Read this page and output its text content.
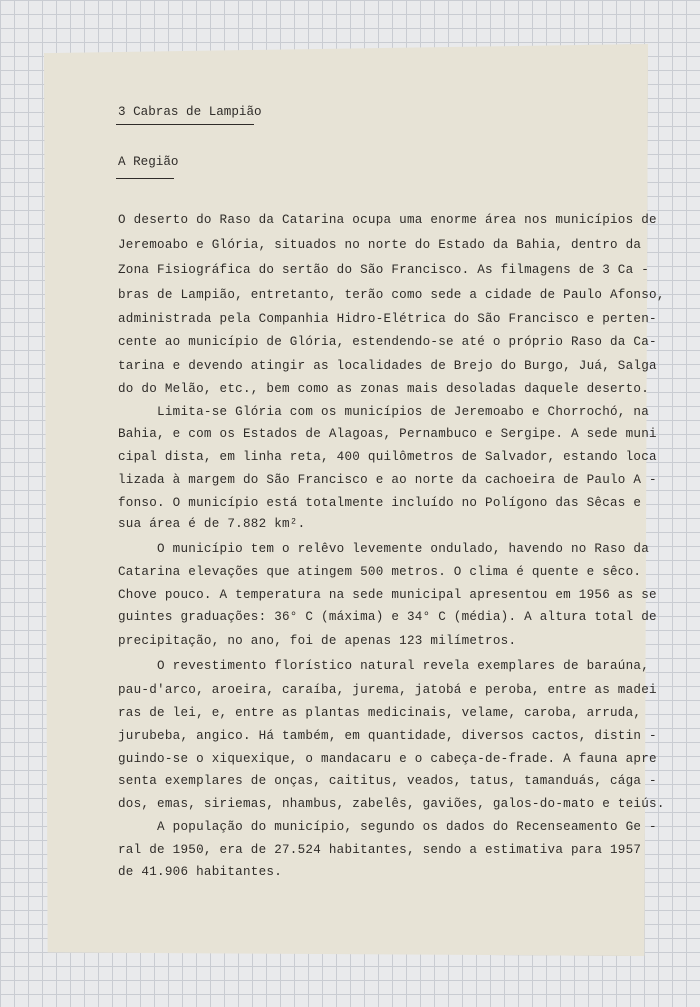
3 Cabras de Lampião
A Região
O deserto do Raso da Catarina ocupa uma enorme área nos municípios de
Jeremoabo e Glória, situados no norte do Estado da Bahia, dentro da
Zona Fisiográfica do sertão do São Francisco. As filmagens de 3 Ca -
bras de Lampião, entretanto, terão como sede a cidade de Paulo Afonso,
administrada pela Companhia Hidro-Elétrica do São Francisco e perten-
cente ao município de Glória, estendendo-se até o próprio Raso da Ca-
tarina e devendo atingir as localidades de Brejo do Burgo, Juá, Salga
do do Melão, etc., bem como as zonas mais desoladas daquele deserto.
Limita-se Glória com os municípios de Jeremoabo e Chorrochó, na
Bahia, e com os Estados de Alagoas, Pernambuco e Sergipe. A sede muni
cipal dista, em linha reta, 400 quilômetros de Salvador, estando loca
lizada à margem do São Francisco e ao norte da cachoeira de Paulo A -
fonso. O município está totalmente incluído no Polígono das Sêcas e
sua área é de 7.882 km².
O município tem o relêvo levemente ondulado, havendo no Raso da
Catarina elevações que atingem 500 metros. O clima é quente e sêco.
Chove pouco. A temperatura na sede municipal apresentou em 1956 as se
guintes graduações: 36° C (máxima) e 34° C (média). A altura total de
precipitação, no ano, foi de apenas 123 milímetros.
O revestimento florístico natural revela exemplares de baraúna,
pau-d'arco, aroeira, caraíba, jurema, jatobá e peroba, entre as madei
ras de lei, e, entre as plantas medicinais, velame, caroba, arruda,
jurubeba, angico. Há também, em quantidade, diversos cactos, distin -
guindo-se o xiquexique, o mandacaru e o cabeça-de-frade. A fauna apre
senta exemplares de onças, caititus, veados, tatus, tamanduás, cága -
dos, emas, siriemas, nhambus, zabelês, gaviões, galos-do-mato e teiús.
A população do município, segundo os dados do Recenseamento Ge -
ral de 1950, era de 27.524 habitantes, sendo a estimativa para 1957
de 41.906 habitantes.
